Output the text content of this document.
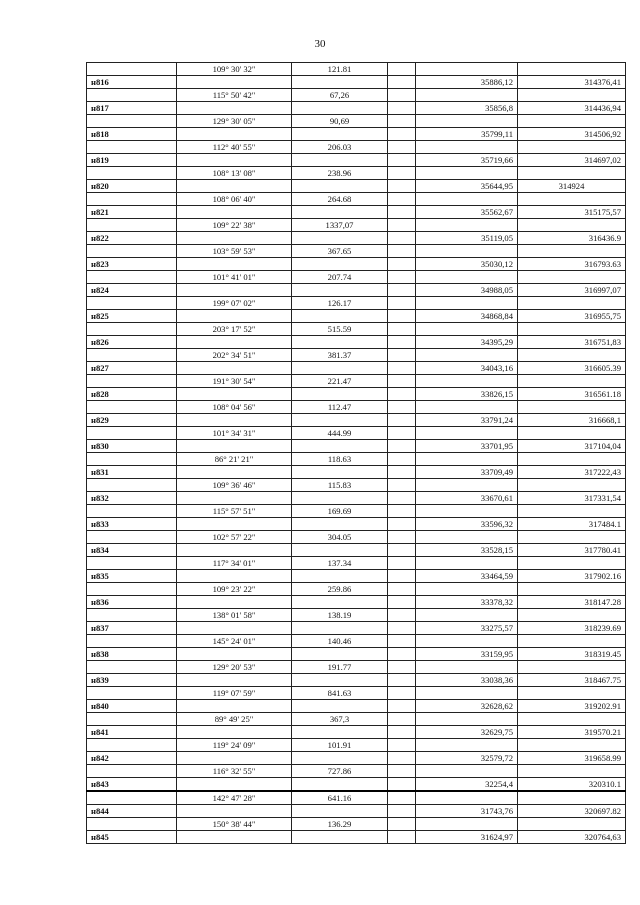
30
	109° 30' 32"	121.81			
н816				35886,12	314376,41
	115° 50' 42"	67,26			
н817				35856,8	314436,94
	129° 30' 05"	90,69			
н818				35799,11	314506,92
	112° 40' 55"	206.03			
н819				35719,66	314697,02
	108° 13' 08"	238.96			
н820				35644,95	314924
	108° 06' 40"	264.68			
н821				35562,67	315175,57
	109° 22' 38"	1337,07			
н822				35119,05	316436.9
	103° 59' 53"	367.65			
н823				35030,12	316793.63
	101° 41' 01"	207.74			
н824				34988,05	316997,07
	199° 07' 02"	126.17			
н825				34868,84	316955,75
	203° 17' 52"	515.59			
н826				34395,29	316751,83
	202° 34' 51"	381.37			
н827				34043,16	316605.39
	191° 30' 54"	221.47			
н828				33826,15	316561.18
	108° 04' 56"	112.47			
н829				33791,24	316668,1
	101° 34' 31"	444.99			
н830				33701,95	317104,04
	86° 21' 21"	118.63			
н831				33709,49	317222,43
	109° 36' 46"	115.83			
н832				33670,61	317331,54
	115° 57' 51"	169.69			
н833				33596,32	317484.1
	102° 57' 22"	304.05			
н834				33528,15	317780.41
	117° 34' 01"	137.34			
н835				33464,59	317902.16
	109° 23' 22"	259.86			
н836				33378,32	318147.28
	138° 01' 58"	138.19			
н837				33275,57	318239.69
	145° 24' 01"	140.46			
н838				33159,95	318319.45
	129° 20' 53"	191.77			
н839				33038,36	318467.75
	119° 07' 59"	841.63			
н840				32628,62	319202.91
	89° 49' 25"	367,3			
н841				32629,75	319570.21
	119° 24' 09"	101.91			
н842				32579,72	319658.99
	116° 32' 55"	727.86			
н843				32254,4	320310.1
	142° 47' 28"	641.16			
н844				31743,76	320697.82
	150° 38' 44"	136.29			
н845				31624,97	320764,63
